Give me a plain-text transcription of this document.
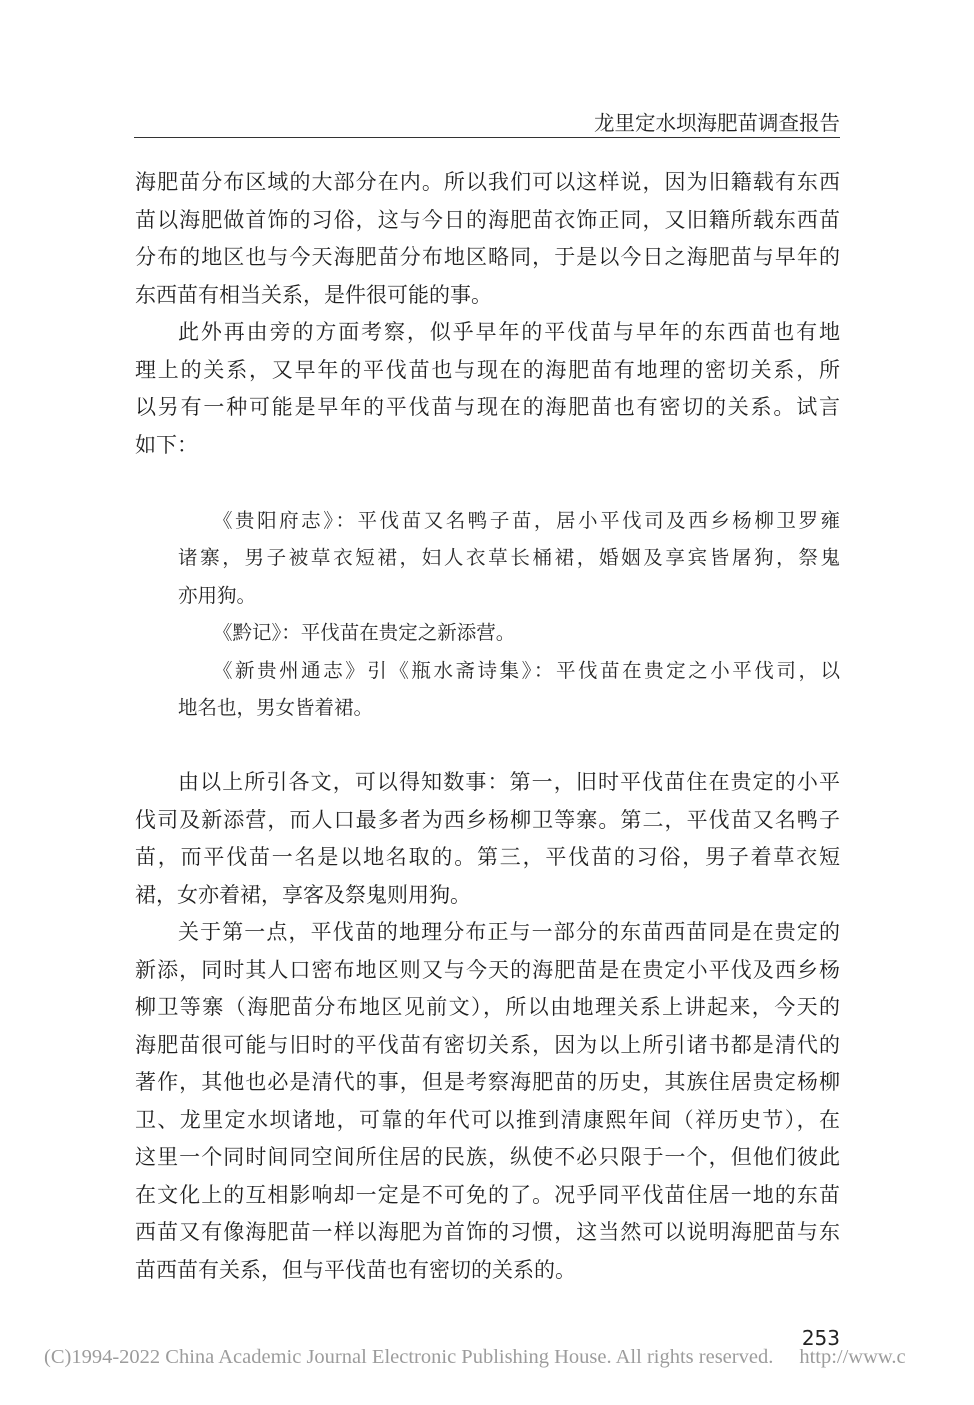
龙里定水坝海肥苗调查报告
海肥苗分布区域的大部分在内。所以我们可以这样说，因为旧籍载有东西
苗以海肥做首饰的习俗，这与今日的海肥苗衣饰正同，又旧籍所载东西苗
分布的地区也与今天海肥苗分布地区略同，于是以今日之海肥苗与早年的
东西苗有相当关系，是件很可能的事。
此外再由旁的方面考察，似乎早年的平伐苗与早年的东西苗也有地
理上的关系，又早年的平伐苗也与现在的海肥苗有地理的密切关系，所
以另有一种可能是早年的平伐苗与现在的海肥苗也有密切的关系。试言
如下：
《贵阳府志》：平伐苗又名鸭子苗，居小平伐司及西乡杨柳卫罗雍
诸寨，男子被草衣短裙，妇人衣草长桶裙，婚姻及享宾皆屠狗，祭鬼
亦用狗。
《黔记》：平伐苗在贵定之新添营。
《新贵州通志》引《瓶水斋诗集》：平伐苗在贵定之小平伐司，以
地名也，男女皆着裙。
由以上所引各文，可以得知数事：第一，旧时平伐苗住在贵定的小平
伐司及新添营，而人口最多者为西乡杨柳卫等寨。第二，平伐苗又名鸭子
苗，而平伐苗一名是以地名取的。第三，平伐苗的习俗，男子着草衣短
裙，女亦着裙，享客及祭鬼则用狗。
关于第一点，平伐苗的地理分布正与一部分的东苗西苗同是在贵定的
新添，同时其人口密布地区则又与今天的海肥苗是在贵定小平伐及西乡杨
柳卫等寨（海肥苗分布地区见前文），所以由地理关系上讲起来，今天的
海肥苗很可能与旧时的平伐苗有密切关系，因为以上所引诸书都是清代的
著作，其他也必是清代的事，但是考察海肥苗的历史，其族住居贵定杨柳
卫、龙里定水坝诸地，可靠的年代可以推到清康熙年间（祥历史节），在
这里一个同时间同空间所住居的民族，纵使不必只限于一个，但他们彼此
在文化上的互相影响却一定是不可免的了。况乎同平伐苗住居一地的东苗
西苗又有像海肥苗一样以海肥为首饰的习惯，这当然可以说明海肥苗与东
苗西苗有关系，但与平伐苗也有密切的关系的。
253
(C)1994-2022 China Academic Journal Electronic Publishing House. All rights reserved. http://www.c
